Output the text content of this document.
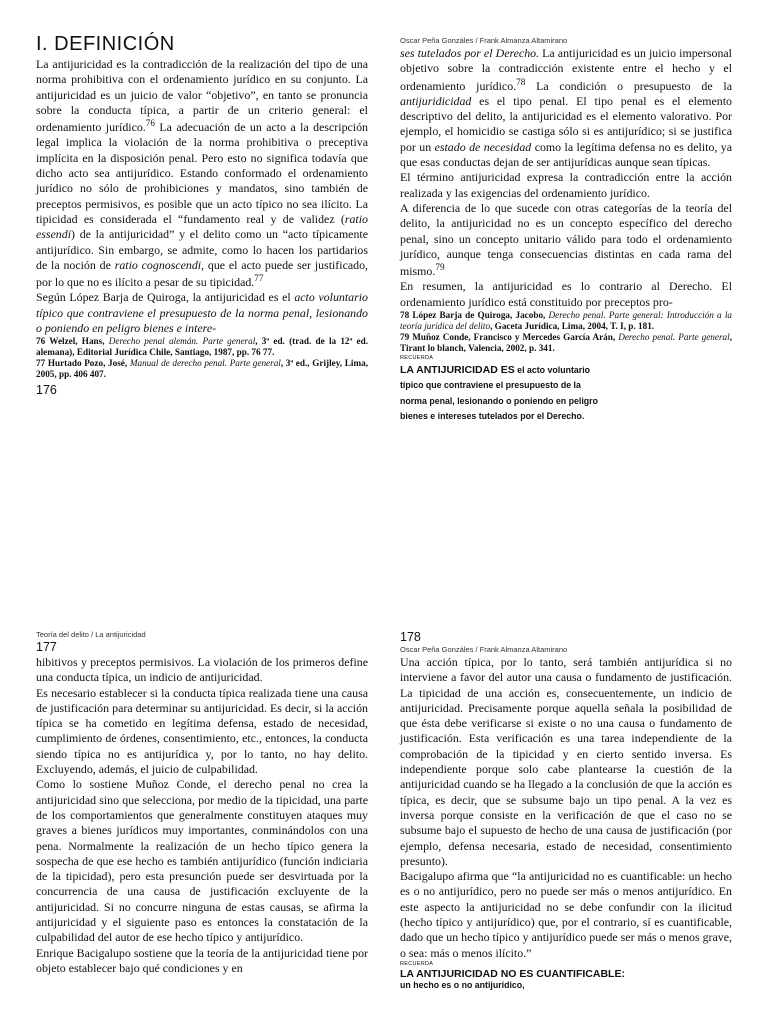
I. DEFINICIÓN

La antijuricidad es la contradicción de la realización del tipo de una norma prohibitiva con el ordenamiento jurídico en su conjunto. La antijuricidad es un juicio de valor “objetivo”, en tanto se pronuncia sobre la conducta típica, a partir de un criterio general: el ordenamiento jurídico.$^{76}$ La adecuación de un acto a la descripción legal implica la violación de la norma prohibitiva o preceptiva implícita en la disposición penal. Pero esto no significa todavía que dicho acto sea antijurídico. Estando conformado el ordenamiento jurídico no sólo de prohibiciones y mandatos, sino también de preceptos permisivos, es posible que un acto típico no sea ilícito. La tipicidad es considerada el “fundamento real y de validez (ratio essendi) de la antijuricidad” y el delito como un “acto típicamente antijurídico. Sin embargo, se admite, como lo hacen los partidarios de la noción de ratio cognoscendi, que el acto puede ser justificado, por lo que no es ilícito a pesar de su tipicidad.$^{77}$

Según López Barja de Quiroga, la antijuricidad es el acto voluntario típico que contraviene el presupuesto de la norma penal, lesionando o poniendo en peligro bienes e intere-

76 Welzel, Hans, Derecho penal alemán. Parte general, 3ª ed. (trad. de la 12ª ed. alemana), Editorial Jurídica Chile, Santiago, 1987, pp. 76 77.

77 Hurtado Pozo, José, Manual de derecho penal. Parte general, 3ª ed., Grijley, Lima, 2005, pp. 406 407.

176
Oscar Peña Gonzáles / Frank Almanza Altamirano

ses tutelados por el Derecho. La antijuricidad es un juicio impersonal objetivo sobre la contradicción existente entre el hecho y el ordenamiento jurídico.$^{78}$ La condición o presupuesto de la antijuridicidad es el tipo penal. El tipo penal es el elemento descriptivo del delito, la antijuricidad es el elemento valorativo. Por ejemplo, el homicidio se castiga sólo si es antijurídico; si se justifica por un estado de necesidad como la legítima defensa no es delito, ya que esas conductas dejan de ser antijurídicas aunque sean típicas.

El término antijuricidad expresa la contradicción entre la acción realizada y las exigencias del ordenamiento jurídico.

A diferencia de lo que sucede con otras categorías de la teoría del delito, la antijuricidad no es un concepto específico del derecho penal, sino un concepto unitario válido para todo el ordenamiento jurídico, aunque tenga consecuencias distintas en cada rama del mismo.$^{79}$

En resumen, la antijuricidad es lo contrario al Derecho. El ordenamiento jurídico está constituido por preceptos pro-

78 López Barja de Quiroga, Jacobo, Derecho penal. Parte general: Introducción a la teoría jurídica del delito, Gaceta Jurídica, Lima, 2004, T. I, p. 181.

79 Muñoz Conde, Francisco y Mercedes García Arán, Derecho penal. Parte general, Tirant lo blanch, Valencia, 2002, p. 341.

RECUERDA
LA ANTIJURICIDAD ES el acto voluntario típico que contraviene el presupuesto de la norma penal, lesionando o poniendo en peligro bienes e intereses tutelados por el Derecho.
Teoría del delito / La antijuricidad
177

hibitivos y preceptos permisivos. La violación de los primeros define una conducta típica, un indicio de antijuricidad.

Es necesario establecer si la conducta típica realizada tiene una causa de justificación para determinar su antijuricidad. Es decir, si la acción típica se ha cometido en legítima defensa, estado de necesidad, cumplimiento de órdenes, consentimiento, etc., entonces, la conducta siendo típica no es antijurídica y, por lo tanto, no hay delito. Excluyendo, además, el juicio de culpabilidad.

Como lo sostiene Muñoz Conde, el derecho penal no crea la antijuricidad sino que selecciona, por medio de la tipicidad, una parte de los comportamientos que generalmente constituyen ataques muy graves a bienes jurídicos muy importantes, conminándolos con una pena. Normalmente la realización de un hecho típico genera la sospecha de que ese hecho es también antijurídico (función indiciaria de la tipicidad), pero esta presunción puede ser desvirtuada por la concurrencia de una causa de justificación excluyente de la antijuricidad. Si no concurre ninguna de estas causas, se afirma la antijuricidad y el siguiente paso es entonces la constatación de la culpabilidad del autor de ese hecho típico y antijurídico.

Enrique Bacigalupo sostiene que la teoría de la antijuricidad tiene por objeto establecer bajo qué condiciones y en

178
Oscar Peña Gonzáles / Frank Almanza Altamirano

Una acción típica, por lo tanto, será también antijurídica si no interviene a favor del autor una causa o fundamento de justificación. La tipicidad de una acción es, consecuentemente, un indicio de antijuricidad. Precisamente porque aquella señala la posibilidad de que ésta debe verificarse si existe o no una causa o fundamento de justificación. Esta verificación es una tarea independiente de la comprobación de la tipicidad y en cierto sentido inversa. Es independiente porque solo cabe plantearse la cuestión de la antijuricidad cuando se ha llegado a la conclusión de que la acción es típica, es decir, que se subsume bajo un tipo penal. A la vez es inversa porque consiste en la verificación de que el caso no se subsume bajo el supuesto de hecho de una causa de justificación (por ejemplo, defensa necesaria, estado de necesidad, consentimiento presunto).

Bacigalupo afirma que “la antijuricidad no es cuantificable: un hecho es o no antijurídico, pero no puede ser más o menos antijurídico. En este aspecto la antijuricidad no se debe confundir con la ilicitud (hecho típico y antijurídico) que, por el contrario, sí es cuantificable, dado que un hecho típico y antijurídico puede ser más o menos grave, o sea: más o menos ilícito.”

RECUERDA
LA ANTIJURICIDAD NO ES CUANTIFICABLE:
un hecho es o no antijurídico,
